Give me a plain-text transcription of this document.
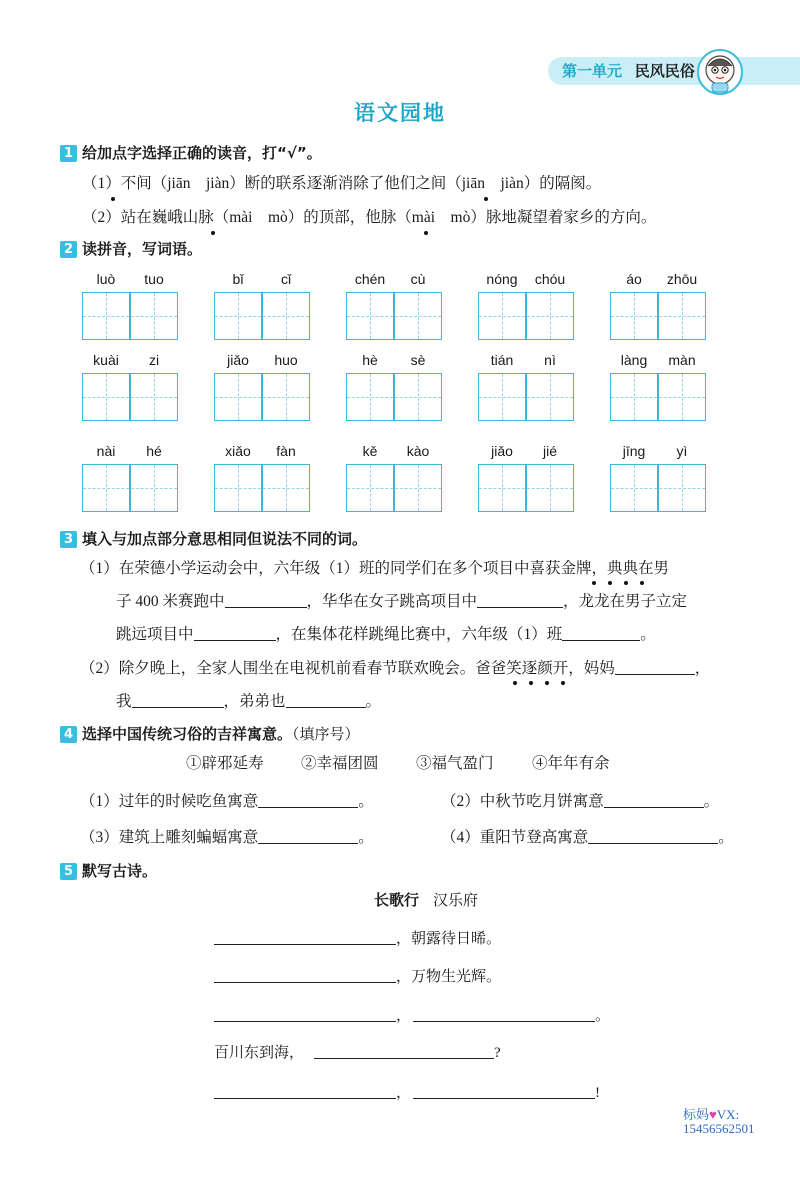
第一单元 民风民俗
语文园地
1 给加点字选择正确的读音，打“√”。
（1）不间（jiān　jiàn）断的联系逐渐消除了他们之间（jiān　jiàn）的隔阂。
（2）站在巍峨山脉（mài　mò）的顶部，他脉（mài　mò）脉地凝望着家乡的方向。
2 读拼音，写词语。
luò	tuo	bǐ	cǐ	chén	cù	nóng	chóu	áo	zhōu
kuài	zi	jiǎo	huo	hè	sè	tián	nì	làng	màn
nài	hé	xiǎo	fàn	kě	kào	jiǎo	jié	jīng	yì
3 填入与加点部分意思相同但说法不同的词。
（1）在荣德小学运动会中，六年级（1）班的同学们在多个项目中喜获金牌，典典在男
子 400 米赛跑中	，华华在女子跳高项目中	，龙龙在男子立定
跳远项目中	，在集体花样跳绳比赛中，六年级（1）班	。
（2）除夕晚上，全家人围坐在电视机前看春节联欢晚会。爸爸笑逐颜开，妈妈	，
我	，弟弟也	。
4 选择中国传统习俗的吉祥寓意。（填序号）
①辟邪延寿 ②幸福团圆 ③福气盈门 ④年年有余
（1）过年的时候吃鱼寓意	。	（2）中秋节吃月饼寓意	。
（3）建筑上雕刻蝙蝠寓意	。	（4）重阳节登高寓意	。
5 默写古诗。
长歌行 汉乐府
，朝露待日晞。
，万物生光辉。
，	。
百川东到海，	?
，	!
标妈♥VX:
15456562501
